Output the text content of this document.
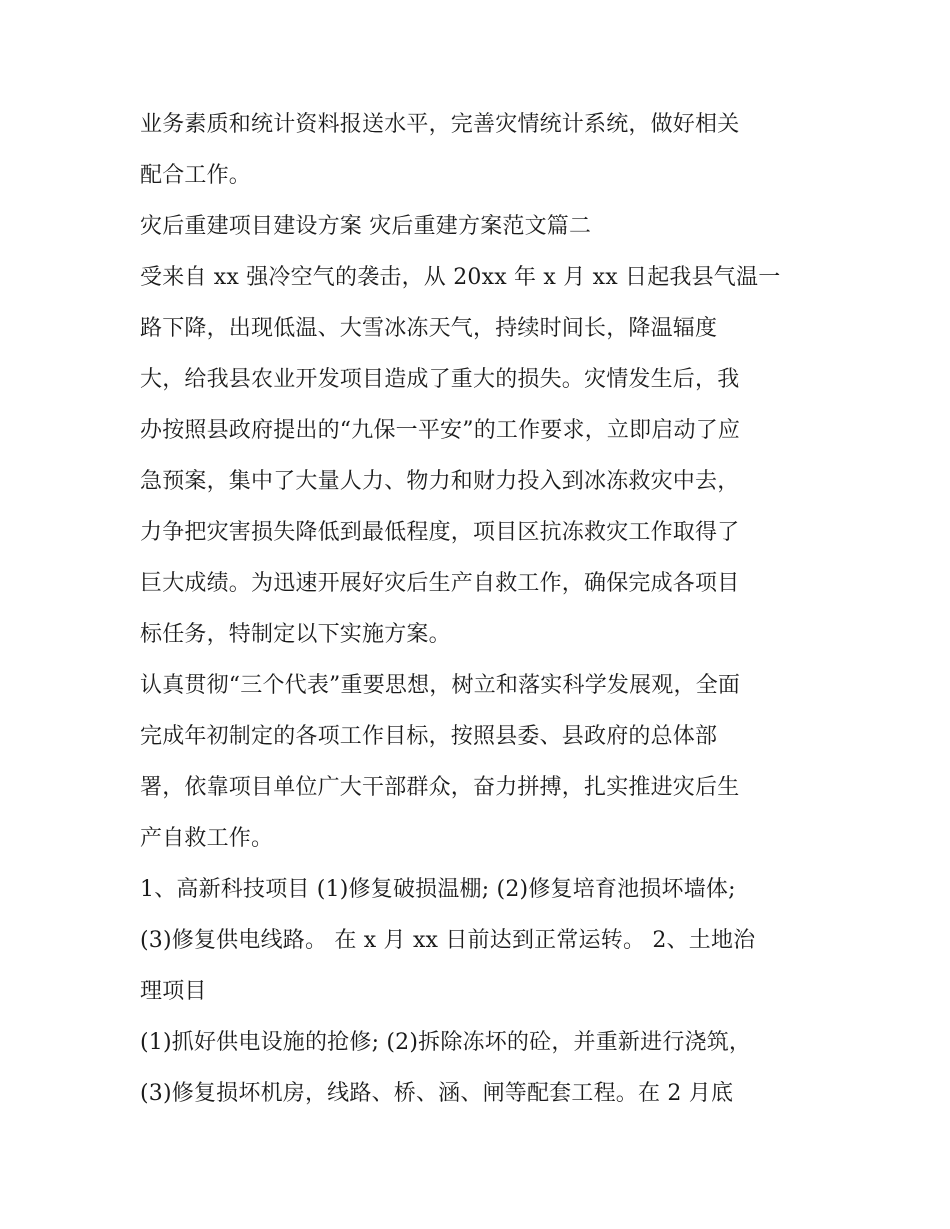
业务素质和统计资料报送水平，完善灾情统计系统，做好相关
配合工作。
灾后重建项目建设方案 灾后重建方案范文篇二
受来自 xx 强冷空气的袭击，从 20xx 年 x 月 xx 日起我县气温一
路下降，出现低温、大雪冰冻天气，持续时间长，降温辐度
大，给我县农业开发项目造成了重大的损失。灾情发生后，我
办按照县政府提出的“九保一平安”的工作要求，立即启动了应
急预案，集中了大量人力、物力和财力投入到冰冻救灾中去，
力争把灾害损失降低到最低程度，项目区抗冻救灾工作取得了
巨大成绩。为迅速开展好灾后生产自救工作，确保完成各项目
标任务，特制定以下实施方案。
认真贯彻“三个代表”重要思想，树立和落实科学发展观，全面
完成年初制定的各项工作目标，按照县委、县政府的总体部
署，依靠项目单位广大干部群众，奋力拼搏，扎实推进灾后生
产自救工作。
1、高新科技项目 (1)修复破损温棚; (2)修复培育池损坏墙体;
(3)修复供电线路。 在 x 月 xx 日前达到正常运转。 2、土地治
理项目
(1)抓好供电设施的抢修; (2)拆除冻坏的砼，并重新进行浇筑，
(3)修复损坏机房，线路、桥、涵、闸等配套工程。在 2 月底
